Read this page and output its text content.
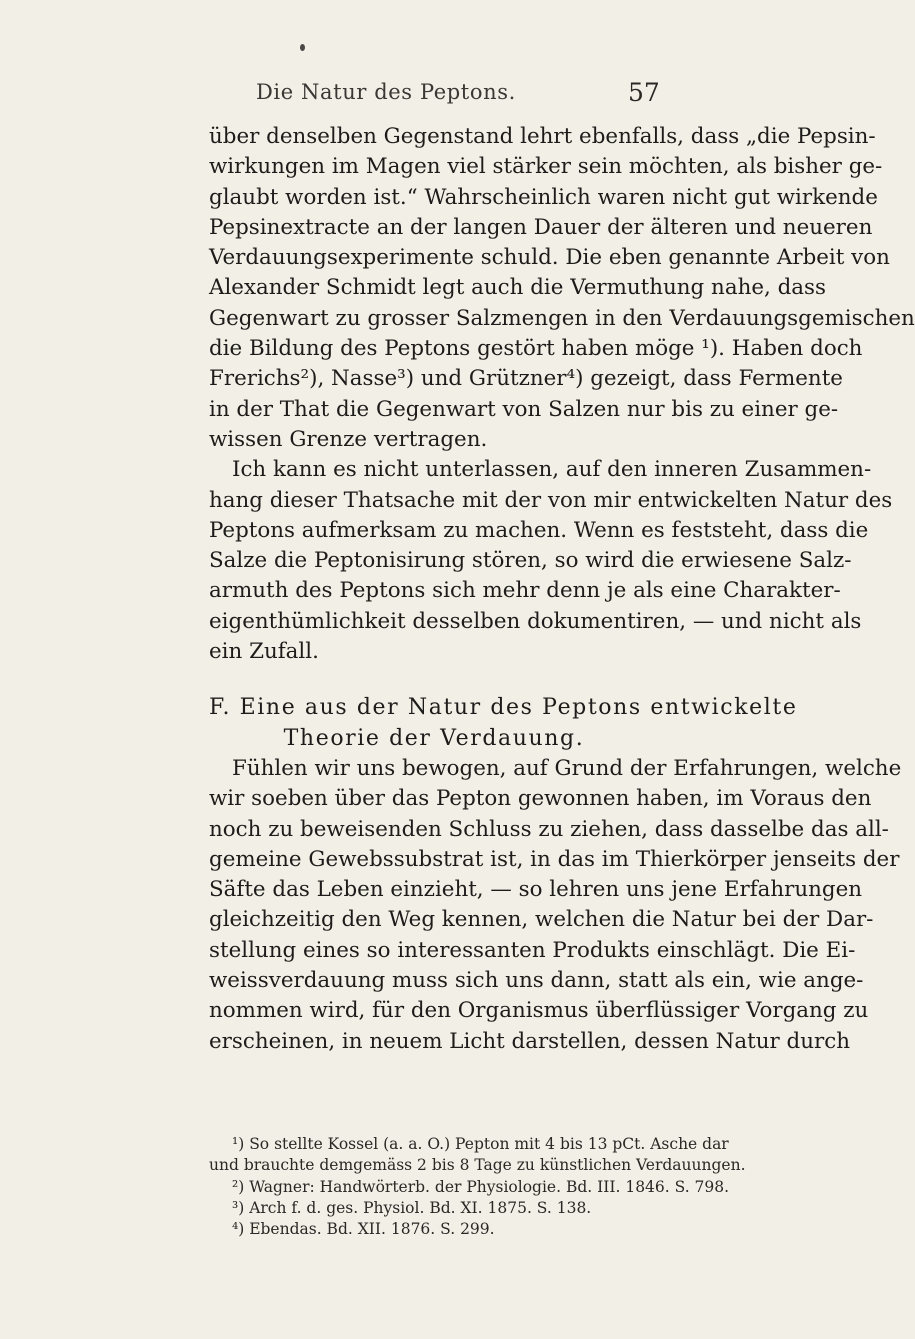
Die Natur des Peptons.	57
über denselben Gegenstand lehrt ebenfalls, dass „die Pepsin-
wirkungen im Magen viel stärker sein möchten, als bisher ge-
glaubt worden ist.“ Wahrscheinlich waren nicht gut wirkende
Pepsinextracte an der langen Dauer der älteren und neueren
Verdauungsexperimente schuld. Die eben genannte Arbeit von
Alexander Schmidt legt auch die Vermuthung nahe, dass
Gegenwart zu grosser Salzmengen in den Verdauungsgemischen
die Bildung des Peptons gestört haben möge ¹). Haben doch
Frerichs²), Nasse³) und Grützner⁴) gezeigt, dass Fermente
in der That die Gegenwart von Salzen nur bis zu einer ge-
wissen Grenze vertragen.
Ich kann es nicht unterlassen, auf den inneren Zusammen-
hang dieser Thatsache mit der von mir entwickelten Natur des
Peptons aufmerksam zu machen. Wenn es feststeht, dass die
Salze die Peptonisirung stören, so wird die erwiesene Salz-
armuth des Peptons sich mehr denn je als eine Charakter-
eigenthümlichkeit desselben dokumentiren, — und nicht als
ein Zufall.
F. Eine aus der Natur des Peptons entwickelte
Theorie der Verdauung.
Fühlen wir uns bewogen, auf Grund der Erfahrungen, welche
wir soeben über das Pepton gewonnen haben, im Voraus den
noch zu beweisenden Schluss zu ziehen, dass dasselbe das all-
gemeine Gewebssubstrat ist, in das im Thierkörper jenseits der
Säfte das Leben einzieht, — so lehren uns jene Erfahrungen
gleichzeitig den Weg kennen, welchen die Natur bei der Dar-
stellung eines so interessanten Produkts einschlägt. Die Ei-
weissverdauung muss sich uns dann, statt als ein, wie ange-
nommen wird, für den Organismus überflüssiger Vorgang zu
erscheinen, in neuem Licht darstellen, dessen Natur durch
¹) So stellte Kossel (a. a. O.) Pepton mit 4 bis 13 pCt. Asche dar
und brauchte demgemäss 2 bis 8 Tage zu künstlichen Verdauungen.
²) Wagner: Handwörterb. der Physiologie. Bd. III. 1846. S. 798.
³) Arch f. d. ges. Physiol. Bd. XI. 1875. S. 138.
⁴) Ebendas. Bd. XII. 1876. S. 299.
